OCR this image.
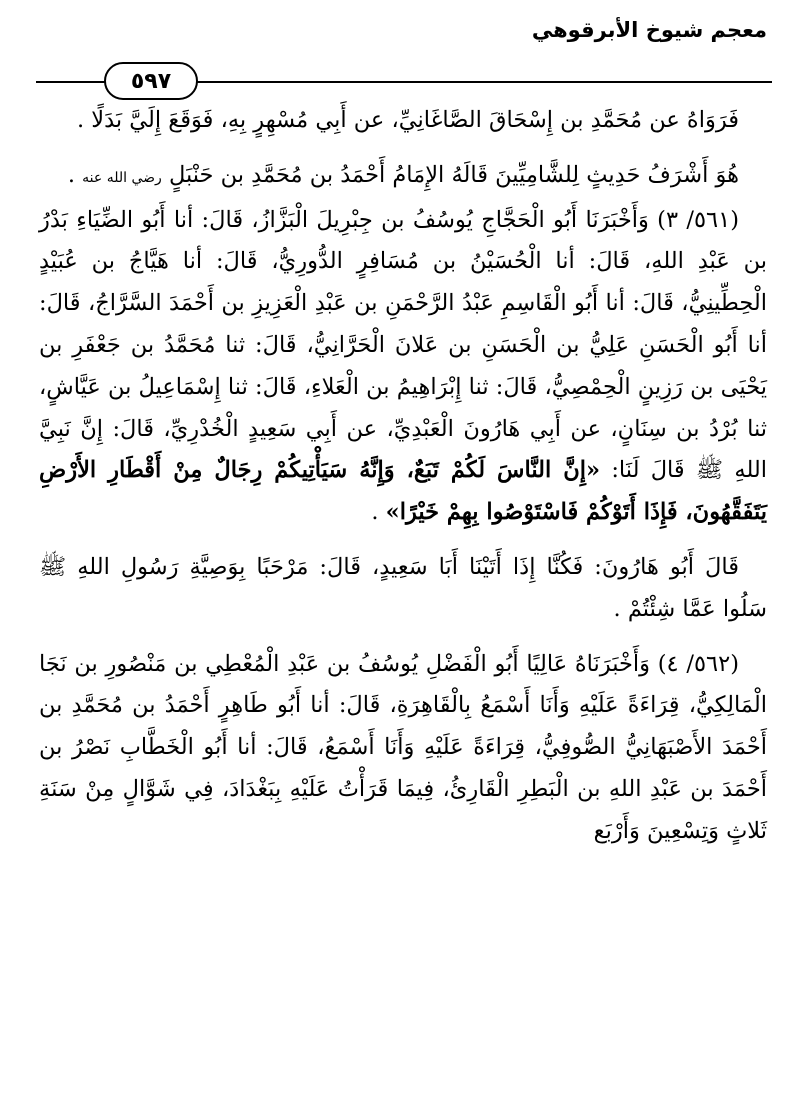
معجم شيوخ الأبرقوهي
٥٩٧

فَرَوَاهُ عن مُحَمَّدِ بن إِسْحَاقَ الصَّاغَانِيِّ، عن أَبِي مُسْهِرٍ بِهِ، فَوَقَعَ إِلَيَّ بَدَلًا .

هُوَ أَشْرَفُ حَدِيثٍ لِلشَّامِيِّينَ قَالَهُ الإِمَامُ أَحْمَدُ بن مُحَمَّدِ بن حَنْبَلٍ رضي الله عنه .

(٥٦١/ ٣) وَأَخْبَرَنَا أَبُو الْحَجَّاجِ يُوسُفُ بن جِبْرِيلَ الْبَزَّازُ، قَالَ: أنا أَبُو الضِّيَاءِ بَدْرُ بن عَبْدِ اللهِ، قَالَ: أنا الْحُسَيْنُ بن مُسَافِرٍ الدُّورِيُّ، قَالَ: أنا هَيَّاجُ بن عُبَيْدٍ الْحِطِّينِيُّ، قَالَ: أنا أَبُو الْقَاسِمِ عَبْدُ الرَّحْمَنِ بن عَبْدِ الْعَزِيزِ بن أَحْمَدَ السَّرَّاجُ، قَالَ: أنا أَبُو الْحَسَنِ عَلِيُّ بن الْحَسَنِ بن عَلانَ الْحَرَّانِيُّ، قَالَ: ثنا مُحَمَّدُ بن جَعْفَرِ بن يَحْيَى بن رَزِينٍ الْحِمْصِيُّ، قَالَ: ثنا إِبْرَاهِيمُ بن الْعَلاءِ، قَالَ: ثنا إِسْمَاعِيلُ بن عَيَّاشٍ، ثنا بُرْدُ بن سِنَانٍ، عن أَبِي هَارُونَ الْعَبْدِيِّ، عن أَبِي سَعِيدٍ الْخُدْرِيِّ، قَالَ: إِنَّ نَبِيَّ اللهِ ﷺ قَالَ لَنَا: «إِنَّ النَّاسَ لَكُمْ تَبَعٌ، وَإِنَّهُ سَيَأْتِيكُمْ رِجَالٌ مِنْ أَقْطَارِ الأَرْضِ يَتَفَقَّهُونَ، فَإِذَا أَتَوْكُمْ فَاسْتَوْصُوا بِهِمْ خَيْرًا» .

قَالَ أَبُو هَارُونَ: فَكُنَّا إِذَا أَتَيْنَا أَبَا سَعِيدٍ، قَالَ: مَرْحَبًا بِوَصِيَّةِ رَسُولِ اللهِ ﷺ سَلُوا عَمَّا شِئْتُمْ .

(٥٦٢/ ٤) وَأَخْبَرَنَاهُ عَالِيًا أَبُو الْفَضْلِ يُوسُفُ بن عَبْدِ الْمُعْطِي بن مَنْصُورِ بن نَجَا الْمَالِكِيُّ، قِرَاءَةً عَلَيْهِ وَأَنَا أَسْمَعُ بِالْقَاهِرَةِ، قَالَ: أنا أَبُو طَاهِرٍ أَحْمَدُ بن مُحَمَّدِ بن أَحْمَدَ الأَصْبَهَانِيُّ الصُّوفِيُّ، قِرَاءَةً عَلَيْهِ وَأَنَا أَسْمَعُ، قَالَ: أنا أَبُو الْخَطَّابِ نَصْرُ بن أَحْمَدَ بن عَبْدِ اللهِ بن الْبَطِرِ الْقَارِئُ، فِيمَا قَرَأْتُ عَلَيْهِ بِبَغْدَادَ، فِي شَوَّالٍ مِنْ سَنَةِ ثَلاثٍ وَتِسْعِينَ وَأَرْبَع
